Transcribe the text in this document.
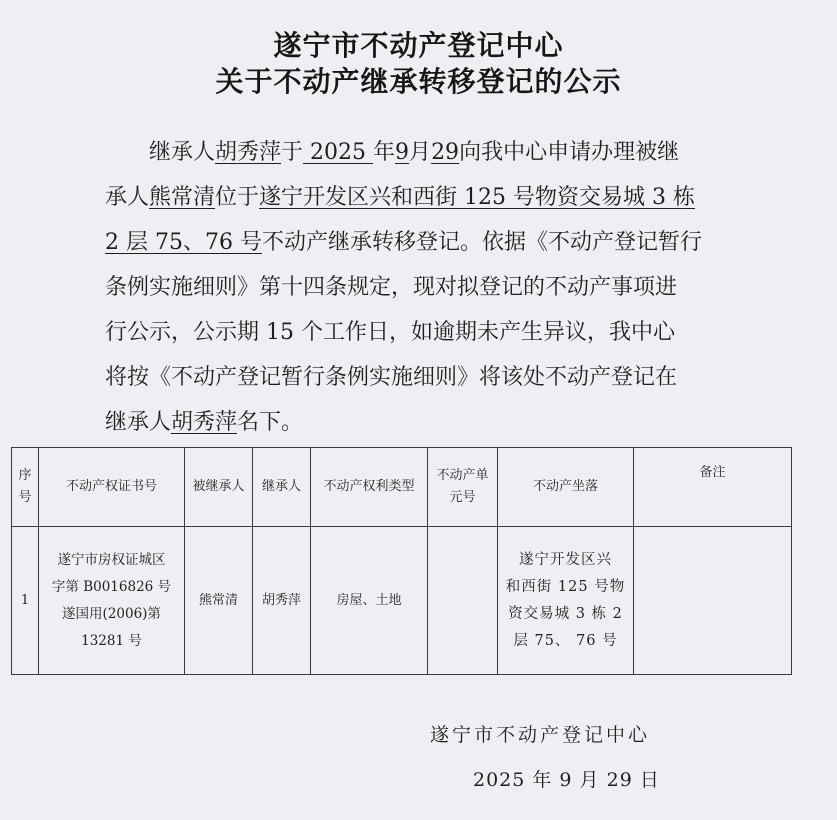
遂宁市不动产登记中心
关于不动产继承转移登记的公示

继承人胡秀萍于 2025 年9月29向我中心申请办理被继

承人熊常清位于遂宁开发区兴和西街 125 号物资交易城 3 栋

2 层 75、76 号不动产继承转移登记。依据《不动产登记暂行

条例实施细则》第十四条规定，现对拟登记的不动产事项进

行公示，公示期 15 个工作日，如逾期未产生异议，我中心

将按《不动产登记暂行条例实施细则》将该处不动产登记在

继承人胡秀萍名下。

序
号	不动产权证书号	被继承人	继承人	不动产权利类型	不动产单
元号	不动产坐落	备注
1	遂宁市房权证城区
字第 B0016826 号
遂国用(2006)第
13281 号	熊常清	胡秀萍	房屋、土地		遂宁开发区兴
和西街 125 号物
资交易城 3 栋 2
层 75、 76 号	
遂宁市不动产登记中心
2025 年 9 月 29 日
